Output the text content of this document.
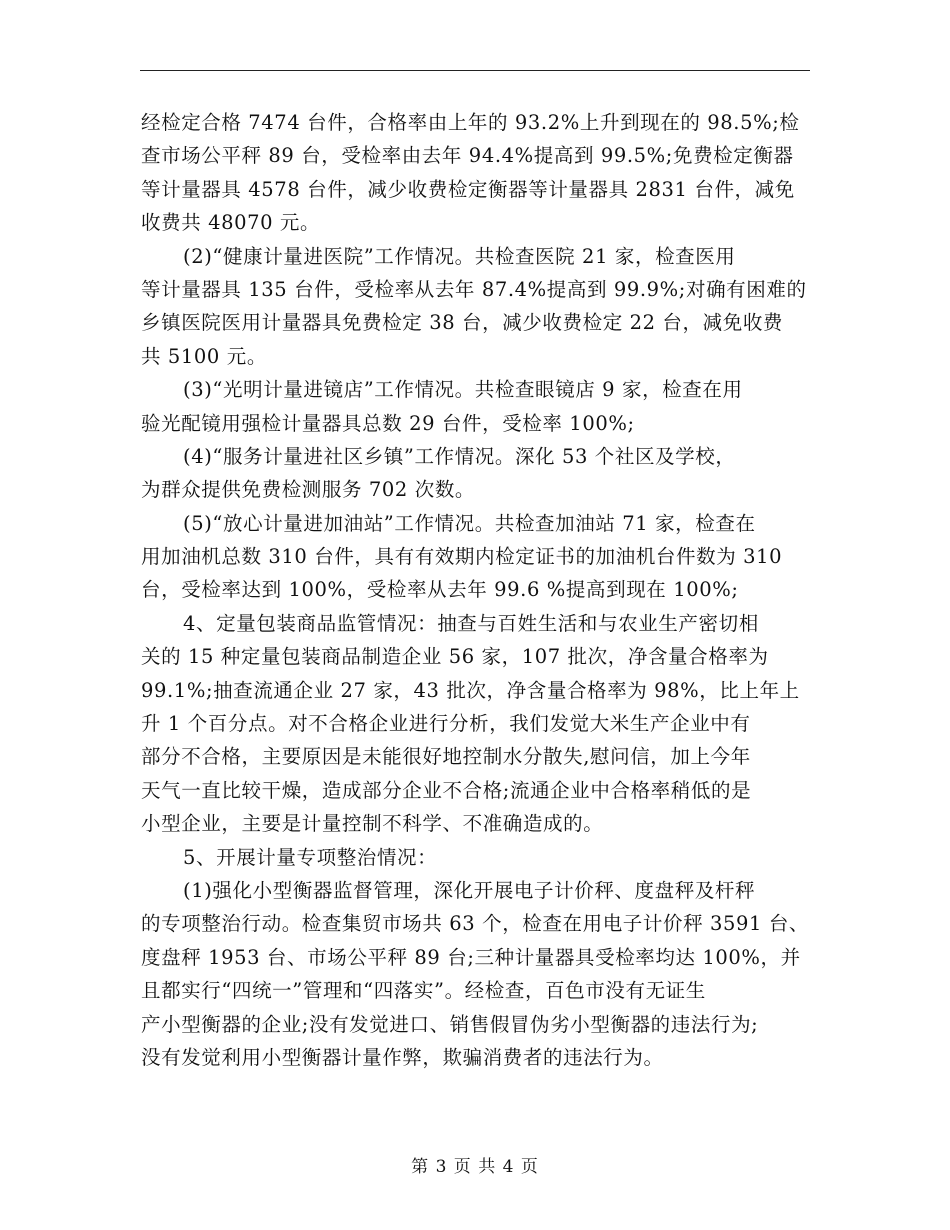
经检定合格 7474 台件，合格率由上年的 93.2%上升到现在的 98.5%;检
查市场公平秤 89 台，受检率由去年 94.4%提高到 99.5%;免费检定衡器
等计量器具 4578 台件，减少收费检定衡器等计量器具 2831 台件，减免
收费共 48070 元。
(2)“健康计量进医院”工作情况。共检查医院 21 家，检查医用
等计量器具 135 台件，受检率从去年 87.4%提高到 99.9%;对确有困难的
乡镇医院医用计量器具免费检定 38 台，减少收费检定 22 台，减免收费
共 5100 元。
(3)“光明计量进镜店”工作情况。共检查眼镜店 9 家，检查在用
验光配镜用强检计量器具总数 29 台件，受检率 100%;
(4)“服务计量进社区乡镇”工作情况。深化 53 个社区及学校，
为群众提供免费检测服务 702 次数。
(5)“放心计量进加油站”工作情况。共检查加油站 71 家，检查在
用加油机总数 310 台件，具有有效期内检定证书的加油机台件数为 310
台，受检率达到 100%，受检率从去年 99.6 %提高到现在 100%;
4、定量包装商品监管情况：抽查与百姓生活和与农业生产密切相
关的 15 种定量包装商品制造企业 56 家，107 批次，净含量合格率为
99.1%;抽查流通企业 27 家，43 批次，净含量合格率为 98%，比上年上
升 1 个百分点。对不合格企业进行分析，我们发觉大米生产企业中有
部分不合格，主要原因是未能很好地控制水分散失,慰问信，加上今年
天气一直比较干燥，造成部分企业不合格;流通企业中合格率稍低的是
小型企业，主要是计量控制不科学、不准确造成的。
5、开展计量专项整治情况：
(1)强化小型衡器监督管理，深化开展电子计价秤、度盘秤及杆秤
的专项整治行动。检查集贸市场共 63 个，检查在用电子计价秤 3591 台、
度盘秤 1953 台、市场公平秤 89 台;三种计量器具受检率均达 100%，并
且都实行“四统一”管理和“四落实”。经检查，百色市没有无证生
产小型衡器的企业;没有发觉进口、销售假冒伪劣小型衡器的违法行为;
没有发觉利用小型衡器计量作弊，欺骗消费者的违法行为。
第 3 页 共 4 页
